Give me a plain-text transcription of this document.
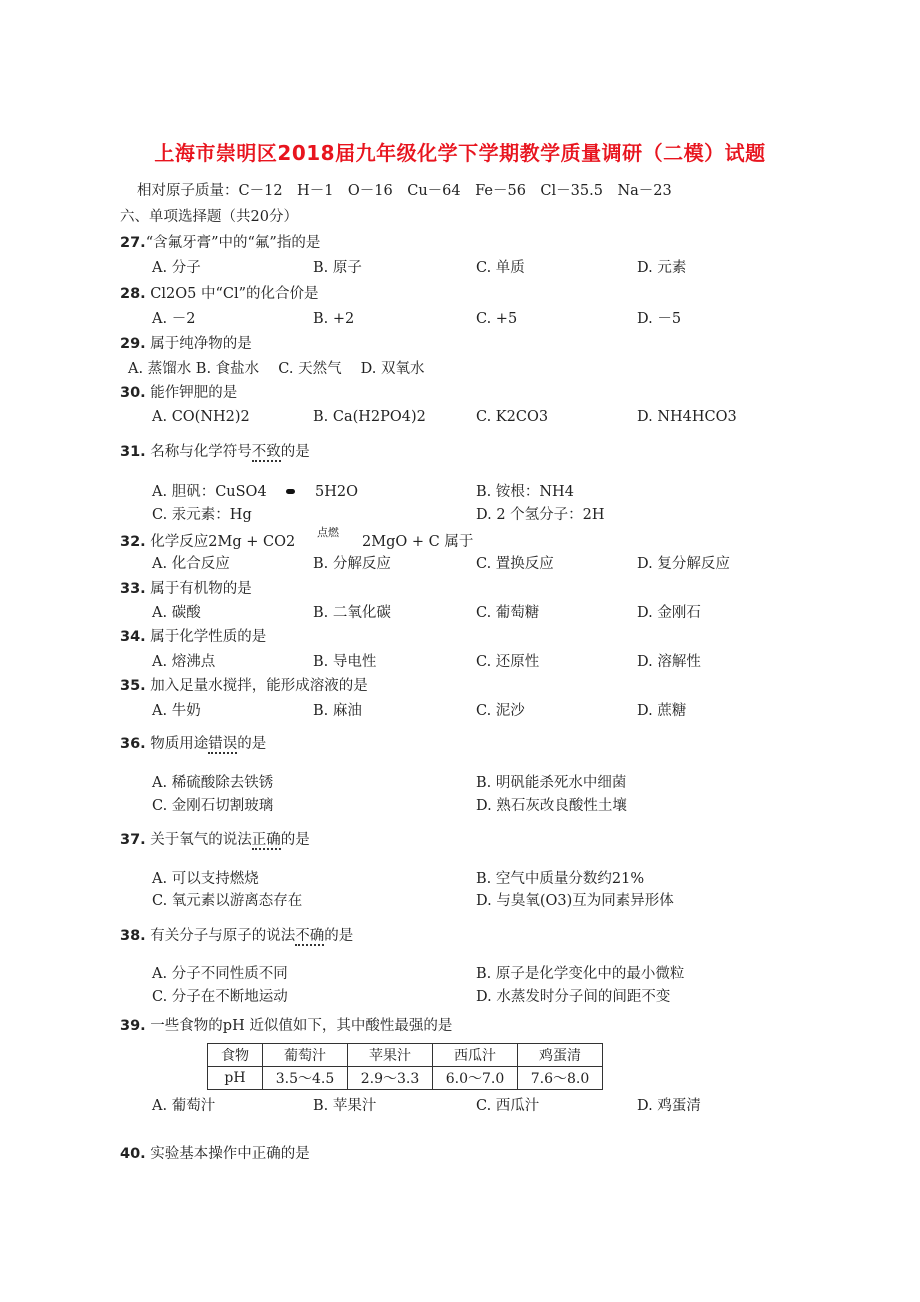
上海市崇明区2018届九年级化学下学期教学质量调研（二模）试题
相对原子质量：C－12　H－1　O－16　Cu－64　Fe－56　Cl－35.5　Na－23
六、单项选择题（共20分）
27.“含氟牙膏”中的“氟”指的是
A. 分子	B. 原子	C. 单质	D. 元素
28. Cl2O5 中“Cl”的化合价是
A. －2	B. +2	C. +5	D. －5
29. 属于纯净物的是
A. 蒸馏水 B. 食盐水　 C. 天然气　 D. 双氧水
30. 能作钾肥的是
A. CO(NH2)2	B. Ca(H2PO4)2	C. K2CO3	D. NH4HCO3
31. 名称与化学符号不致的是
A. 胆矾：CuSO4	5H2O	B. 铵根：NH4
C. 汞元素：Hg	D. 2 个氢分子：2H
32. 化学反应2Mg + CO2
点燃
2MgO + C 属于
A. 化合反应	B. 分解反应	C. 置换反应	D. 复分解反应
33. 属于有机物的是
A. 碳酸	B. 二氧化碳	C. 葡萄糖	D. 金刚石
34. 属于化学性质的是
A. 熔沸点	B. 导电性	C. 还原性	D. 溶解性
35. 加入足量水搅拌，能形成溶液的是
A. 牛奶	B. 麻油	C. 泥沙	D. 蔗糖
36. 物质用途错误的是
A. 稀硫酸除去铁锈	B. 明矾能杀死水中细菌
C. 金刚石切割玻璃	D. 熟石灰改良酸性土壤
37. 关于氧气的说法正确的是
A. 可以支持燃烧	B. 空气中质量分数约21%
C. 氧元素以游离态存在	D. 与臭氧(O3)互为同素异形体
38. 有关分子与原子的说法不确的是
A. 分子不同性质不同	B. 原子是化学变化中的最小微粒
C. 分子在不断地运动	D. 水蒸发时分子间的间距不变
39. 一些食物的pH 近似值如下，其中酸性最强的是
食物	葡萄汁	苹果汁	西瓜汁	鸡蛋清
pH	3.5～4.5	2.9～3.3	6.0～7.0	7.6～8.0
A. 葡萄汁	B. 苹果汁	C. 西瓜汁	D. 鸡蛋清
40. 实验基本操作中正确的是
